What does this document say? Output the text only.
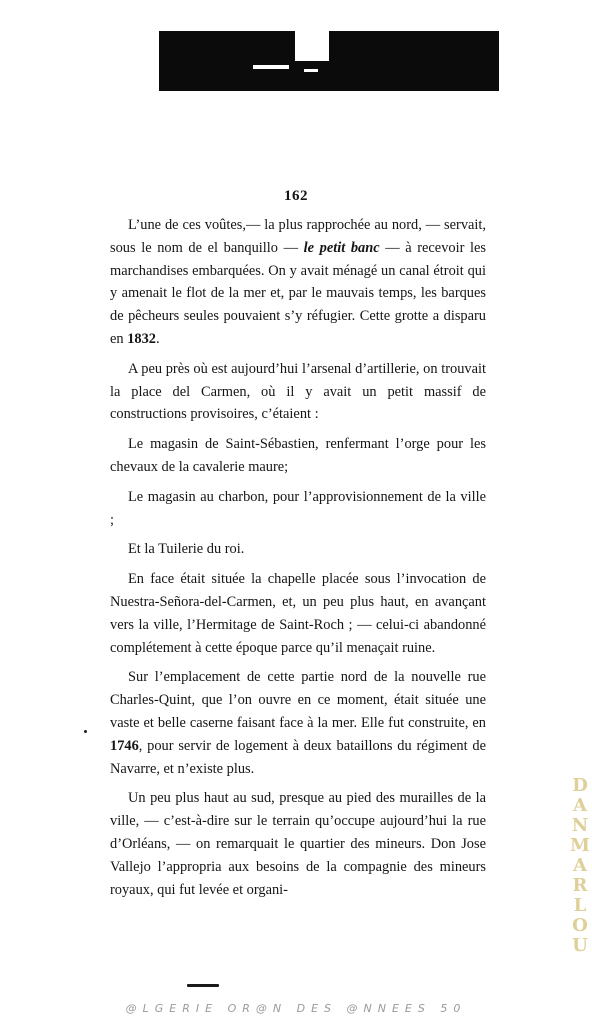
162

L’une de ces voûtes,— la plus rapprochée au nord, — servait, sous le nom de el banquillo — le petit banc — à recevoir les marchandises embarquées. On y avait ménagé un canal étroit qui y amenait le flot de la mer et, par le mauvais temps, les barques de pêcheurs seules pouvaient s’y réfugier. Cette grotte a disparu en 1832.

A peu près où est aujourd’hui l’arsenal d’artillerie, on trouvait la place del Carmen, où il y avait un petit massif de constructions provisoires, c’étaient :

Le magasin de Saint-Sébastien, renfermant l’orge pour les chevaux de la cavalerie maure;

Le magasin au charbon, pour l’approvisionnement de la ville ;

Et la Tuilerie du roi.

En face était située la chapelle placée sous l’invocation de Nuestra-Señora-del-Carmen, et, un peu plus haut, en avançant vers la ville, l’Hermitage de Saint-Roch ; — celui-ci abandonné complétement à cette époque parce qu’il menaçait ruine.

Sur l’emplacement de cette partie nord de la nouvelle rue Charles-Quint, que l’on ouvre en ce moment, était située une vaste et belle caserne faisant face à la mer. Elle fut construite, en 1746, pour servir de logement à deux bataillons du régiment de Navarre, et n’existe plus.

Un peu plus haut au sud, presque au pied des murailles de la ville, — c’est-à-dire sur le terrain qu’occupe aujourd’hui la rue d’Orléans, — on remarquait le quartier des mineurs. Don Jose Vallejo l’appropria aux besoins de la compagnie des mineurs royaux, qui fut levée et organi-

D
A
N
M
A
R
L
O
U
@LGERIE OR@N DES @NNEES 50
